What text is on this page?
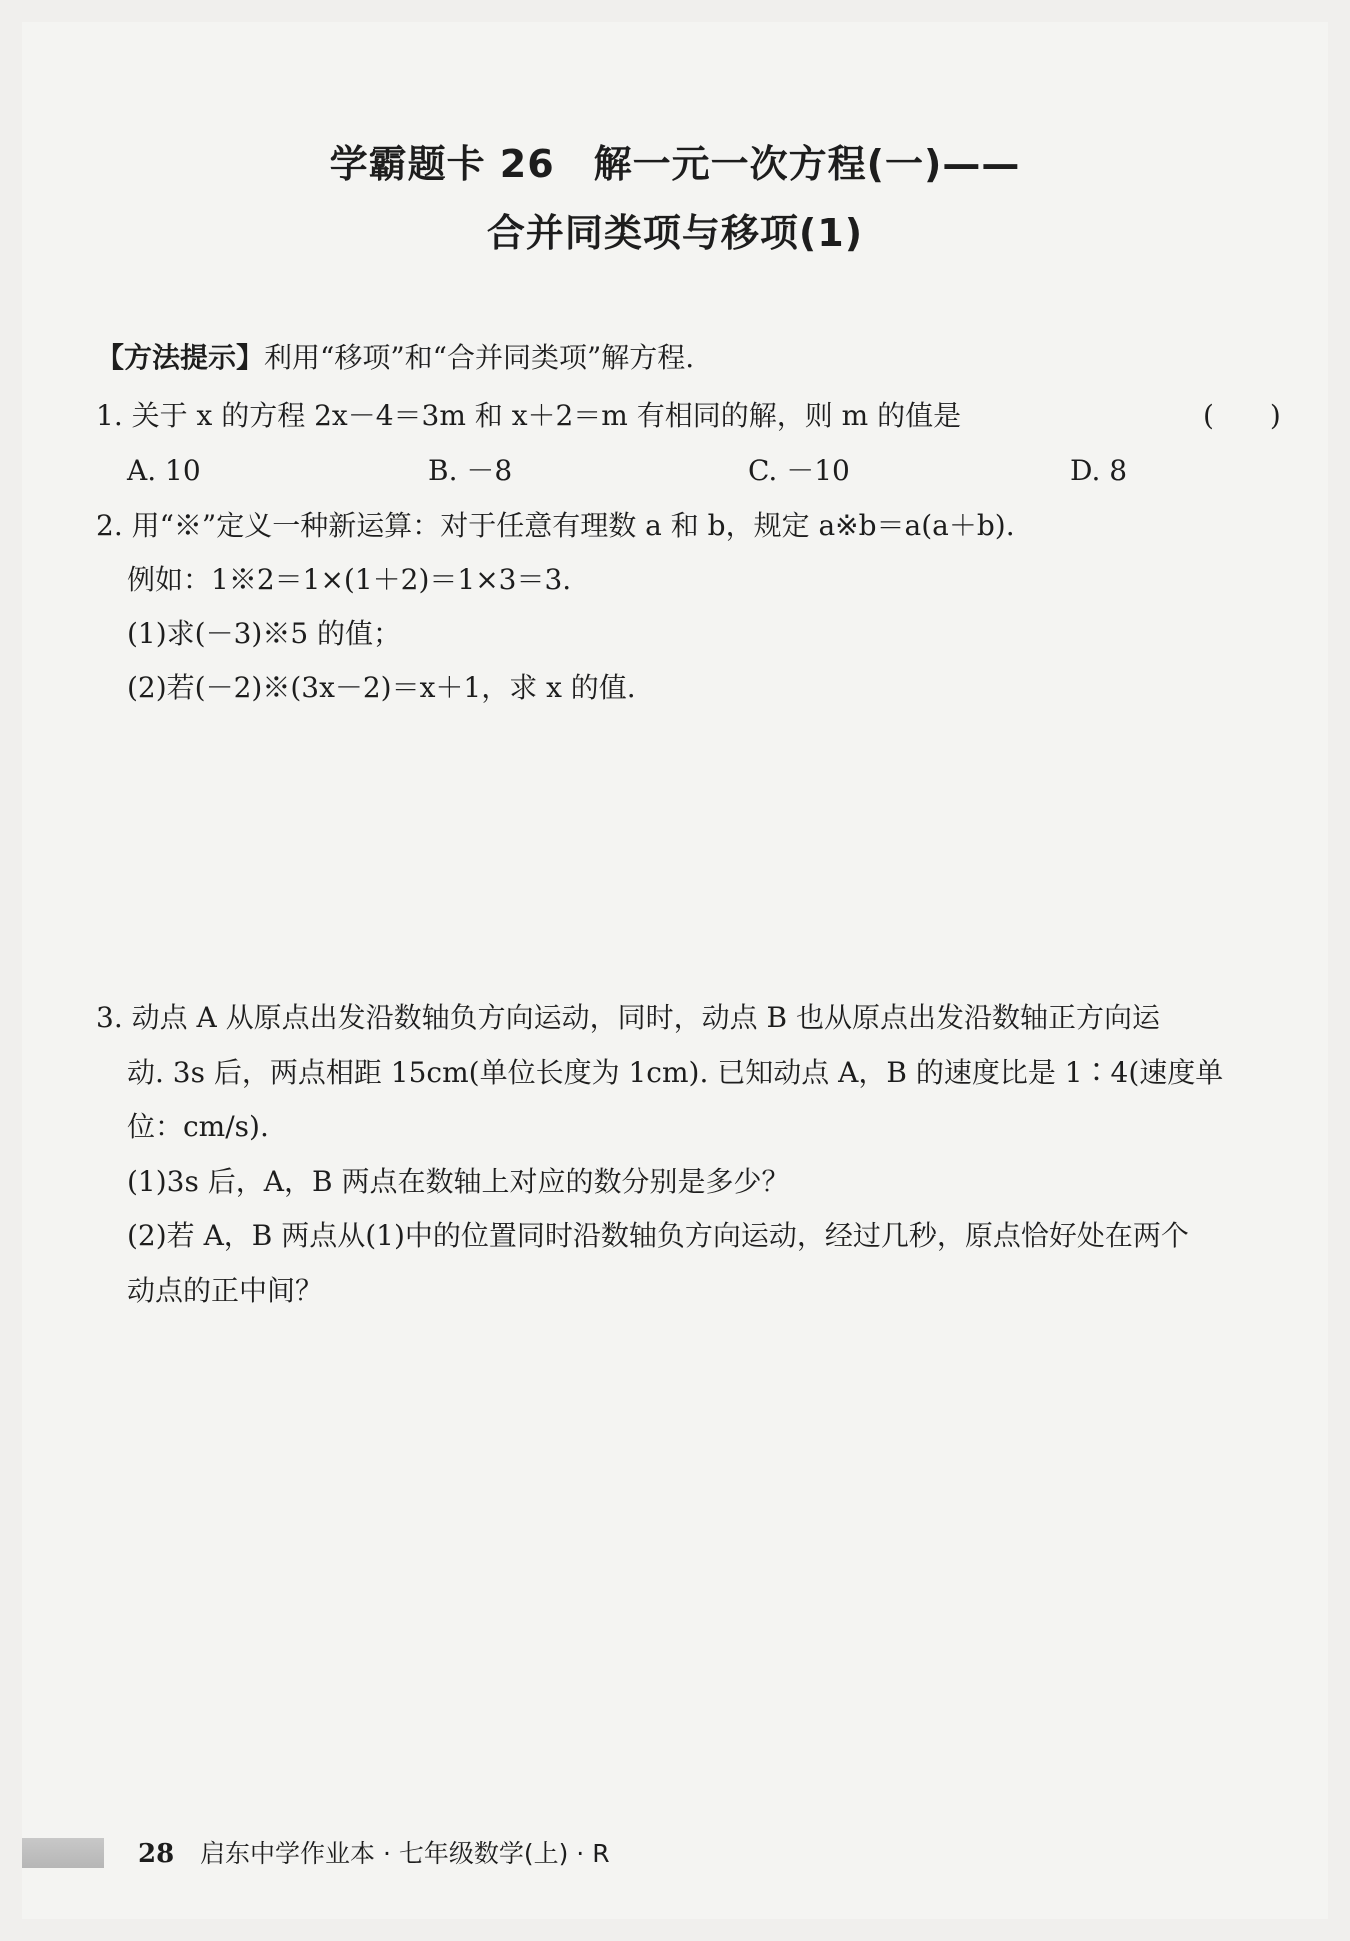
学霸题卡 26　解一元一次方程(一)——
合并同类项与移项(1)
【方法提示】利用“移项”和“合并同类项”解方程.
1. 关于 x 的方程 2x－4＝3m 和 x＋2＝m 有相同的解，则 m 的值是	(　　)
A. 10	B. －8	C. －10	D. 8
2. 用“※”定义一种新运算：对于任意有理数 a 和 b，规定 a※b＝a(a＋b).
例如：1※2＝1×(1＋2)＝1×3＝3.
(1)求(－3)※5 的值；
(2)若(－2)※(3x－2)＝x＋1，求 x 的值.
3. 动点 A 从原点出发沿数轴负方向运动，同时，动点 B 也从原点出发沿数轴正方向运
动. 3s 后，两点相距 15cm(单位长度为 1cm). 已知动点 A，B 的速度比是 1∶4(速度单
位：cm/s).
(1)3s 后，A，B 两点在数轴上对应的数分别是多少？
(2)若 A，B 两点从(1)中的位置同时沿数轴负方向运动，经过几秒，原点恰好处在两个
动点的正中间？
28 启东中学作业本 · 七年级数学(上) · R
